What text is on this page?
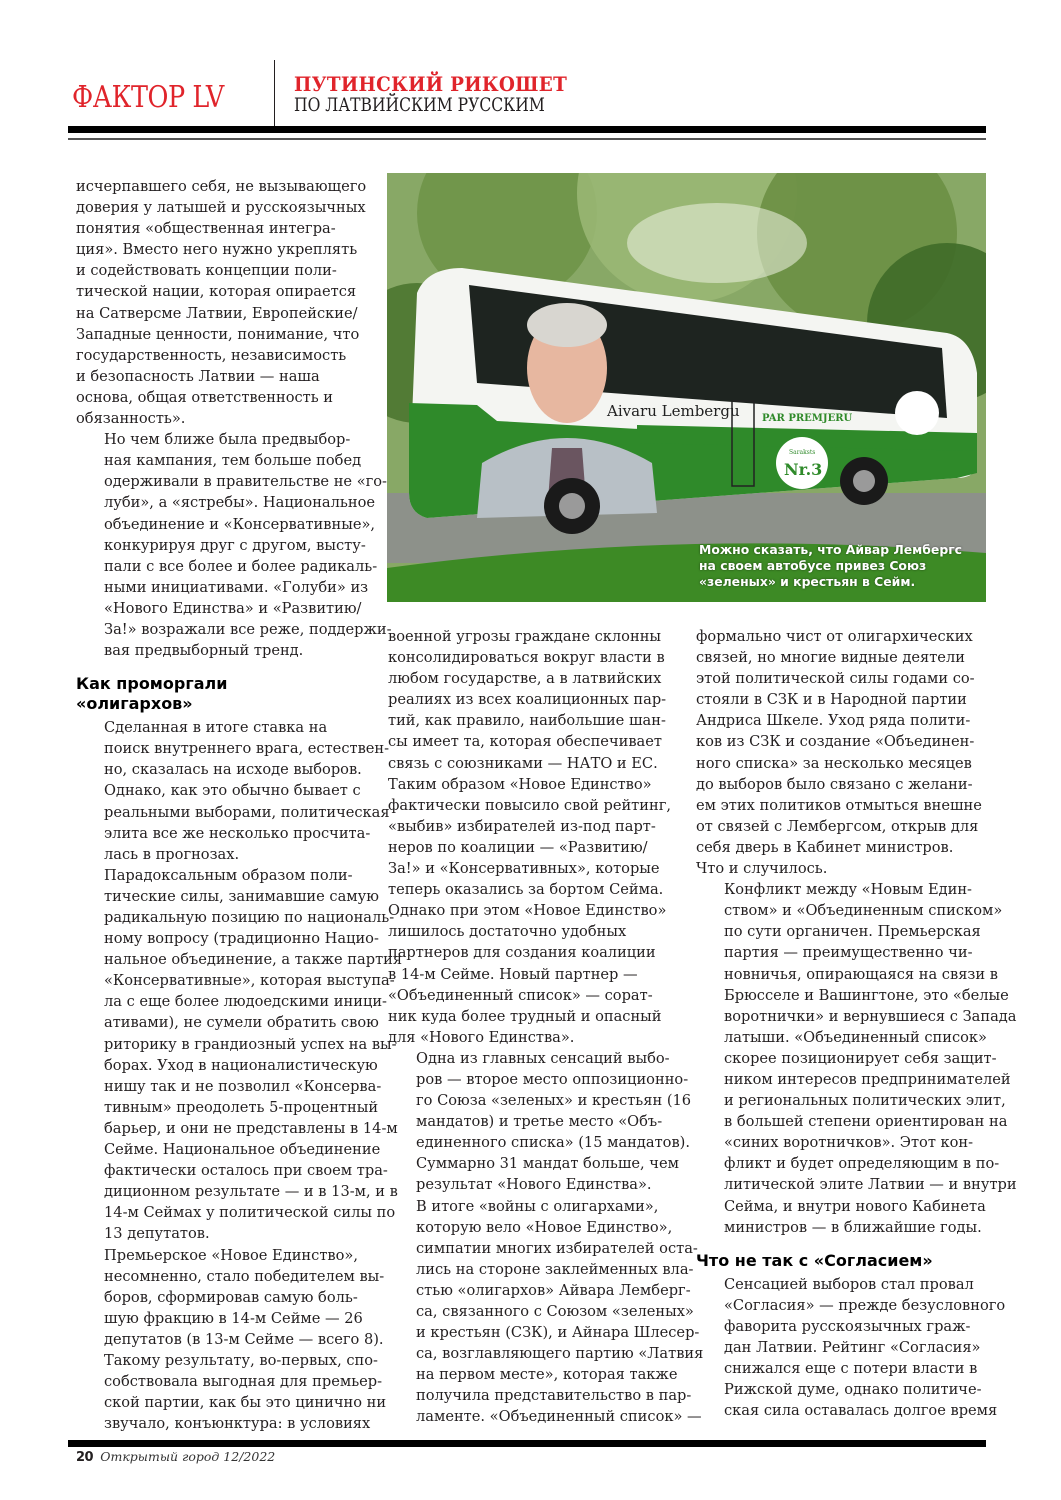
ФАКТОР LV	ПУТИНСКИЙ РИКОШЕТ
ПО ЛАТВИЙСКИМ РУССКИМ

исчерпавшего себя, не вызывающего
доверия у латышей и русскоязычных
понятия «общественная интегра-
ция». Вместо него нужно укреплять
и содействовать концепции поли-
тической нации, которая опирается
на Сатверсме Латвии, Европейские/
Западные ценности, понимание, что
государственность, независимость
и безопасность Латвии — наша
основа, общая ответственность и
обязанность».

Но чем ближе была предвыбор-
ная кампания, тем больше побед
одерживали в правительстве не «го-
луби», а «ястребы». Национальное
объединение и «Консервативные»,
конкурируя друг с другом, высту-
пали с все более и более радикаль-
ными инициативами. «Голуби» из
«Нового Единства» и «Развитию/
За!» возражали все реже, поддержи-
вая предвыборный тренд.

Как проморгали
«олигархов»

Сделанная в итоге ставка на
поиск внутреннего врага, естествен-
но, сказалась на исходе выборов.
Однако, как это обычно бывает с
реальными выборами, политическая
элита все же несколько просчита-
лась в прогнозах.

Парадоксальным образом поли-
тические силы, занимавшие самую
радикальную позицию по националь-
ному вопросу (традиционно Нацио-
нальное объединение, а также партия
«Консервативные», которая выступа-
ла с еще более людоедскими иници-
ативами), не сумели обратить свою
риторику в грандиозный успех на вы-
борах. Уход в националистическую
нишу так и не позволил «Консерва-
тивным» преодолеть 5-процентный
барьер, и они не представлены в 14-м
Сейме. Национальное объединение
фактически осталось при своем тра-
диционном результате — и в 13-м, и в
14-м Сеймах у политической силы по
13 депутатов.

Премьерское «Новое Единство»,
несомненно, стало победителем вы-
боров, сформировав самую боль-
шую фракцию в 14-м Сейме — 26
депутатов (в 13-м Сейме — всего 8).
Такому результату, во-первых, спо-
собствовала выгодная для премьер-
ской партии, как бы это цинично ни
звучало, конъюнктура: в условиях

Aivaru Lembergu PAR PREMJERU
Saraksts
Nr.3
Можно сказать, что Айвар Лембергс
на своем автобусе привез Союз
«зеленых» и крестьян в Сейм.

военной угрозы граждане склонны
консолидироваться вокруг власти в
любом государстве, а в латвийских
реалиях из всех коалиционных пар-
тий, как правило, наибольшие шан-
сы имеет та, которая обеспечивает
связь с союзниками — НАТО и ЕС.
Таким образом «Новое Единство»
фактически повысило свой рейтинг,
«выбив» избирателей из-под парт-
неров по коалиции — «Развитию/
За!» и «Консервативных», которые
теперь оказались за бортом Сейма.
Однако при этом «Новое Единство»
лишилось достаточно удобных
партнеров для создания коалиции
в 14-м Сейме. Новый партнер —
«Объединенный список» — сорат-
ник куда более трудный и опасный
для «Нового Единства».

Одна из главных сенсаций выбо-
ров — второе место оппозиционно-
го Союза «зеленых» и крестьян (16
мандатов) и третье место «Объ-
единенного списка» (15 мандатов).
Суммарно 31 мандат больше, чем
результат «Нового Единства».

В итоге «войны с олигархами»,
которую вело «Новое Единство»,
симпатии многих избирателей оста-
лись на стороне заклейменных вла-
стью «олигархов» Айвара Лемберг-
са, связанного с Союзом «зеленых»
и крестьян (СЗК), и Айнара Шлесер-
са, возглавляющего партию «Латвия
на первом месте», которая также
получила представительство в пар-
ламенте. «Объединенный список» —

формально чист от олигархических
связей, но многие видные деятели
этой политической силы годами со-
стояли в СЗК и в Народной партии
Андриса Шкеле. Уход ряда полити-
ков из СЗК и создание «Объединен-
ного списка» за несколько месяцев
до выборов было связано с желани-
ем этих политиков отмыться внешне
от связей с Лембергсом, открыв для
себя дверь в Кабинет министров.
Что и случилось.

Конфликт между «Новым Един-
ством» и «Объединенным списком»
по сути органичен. Премьерская
партия — преимущественно чи-
новничья, опирающаяся на связи в
Брюсселе и Вашингтоне, это «белые
воротнички» и вернувшиеся с Запада
латыши. «Объединенный список»
скорее позиционирует себя защит-
ником интересов предпринимателей
и региональных политических элит,
в большей степени ориентирован на
«синих воротничков». Этот кон-
фликт и будет определяющим в по-
литической элите Латвии — и внутри
Сейма, и внутри нового Кабинета
министров — в ближайшие годы.

Что не так с «Согласием»

Сенсацией выборов стал провал
«Согласия» — прежде безусловного
фаворита русскоязычных граж-
дан Латвии. Рейтинг «Согласия»
снижался еще с потери власти в
Рижской думе, однако политиче-
ская сила оставалась долгое время

20 Открытый город 12/2022
